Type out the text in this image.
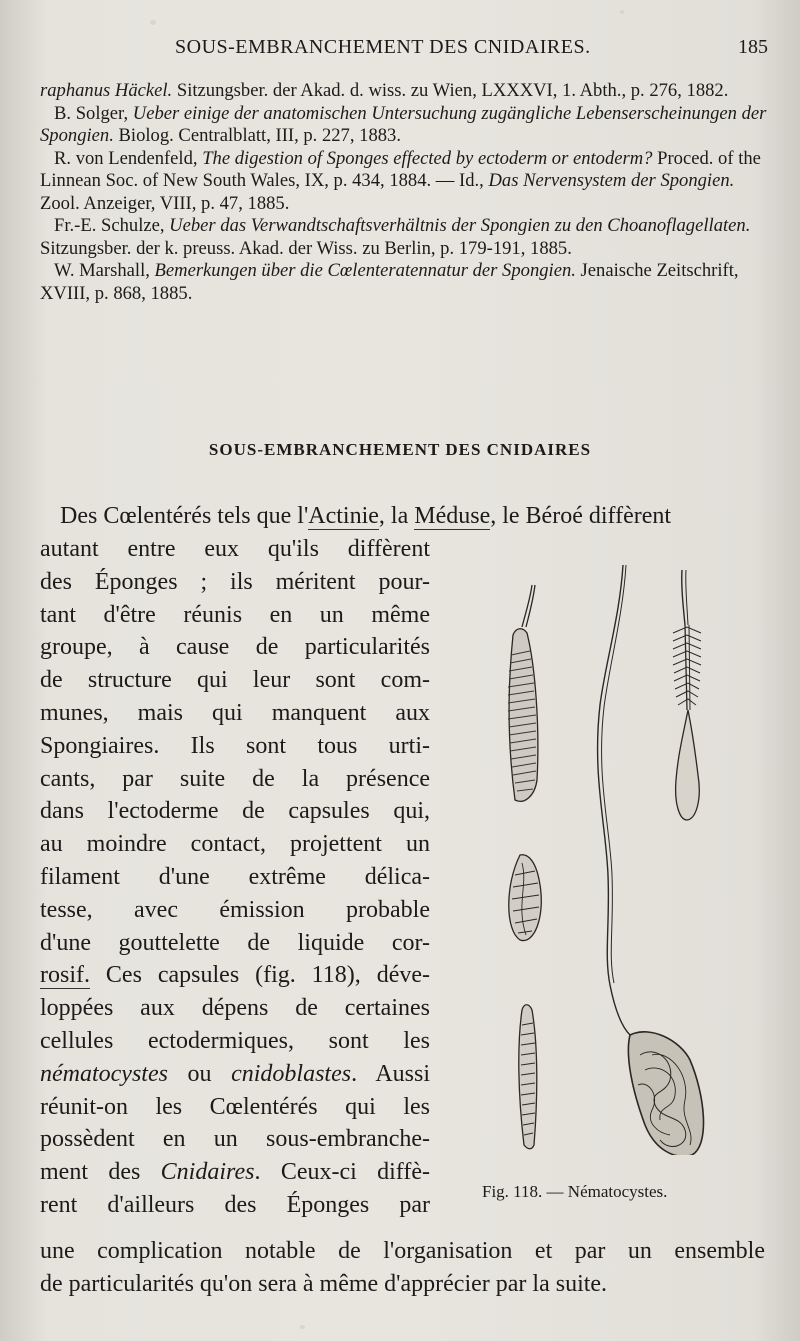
SOUS-EMBRANCHEMENT DES CNIDAIRES.	185

raphanus Häckel. Sitzungsber. der Akad. d. wiss. zu Wien, LXXXVI, 1. Abth., p. 276, 1882.

B. Solger, Ueber einige der anatomischen Untersuchung zugängliche Lebenserscheinungen der Spongien. Biolog. Centralblatt, III, p. 227, 1883.

R. von Lendenfeld, The digestion of Sponges effected by ectoderm or entoderm? Proced. of the Linnean Soc. of New South Wales, IX, p. 434, 1884. — Id., Das Nervensystem der Spongien. Zool. Anzeiger, VIII, p. 47, 1885.

Fr.-E. Schulze, Ueber das Verwandtschaftsverhältnis der Spongien zu den Choanoflagellaten. Sitzungsber. der k. preuss. Akad. der Wiss. zu Berlin, p. 179-191, 1885.

W. Marshall, Bemerkungen über die Cœlenteratennatur der Spongien. Jenaische Zeitschrift, XVIII, p. 868, 1885.

SOUS-EMBRANCHEMENT DES CNIDAIRES
Des Cœlentérés tels que l'Actinie, la Méduse, le Béroé diffèrent
autant entre eux qu'ils diffèrent
des Éponges ; ils méritent pour-
tant d'être réunis en un même
groupe, à cause de particularités
de structure qui leur sont com-
munes, mais qui manquent aux
Spongiaires. Ils sont tous urti-
cants, par suite de la présence
dans l'ectoderme de capsules qui,
au moindre contact, projettent un
filament d'une extrême délica-
tesse, avec émission probable
d'une gouttelette de liquide cor-
rosif. Ces capsules (fig. 118), déve-
loppées aux dépens de certaines
cellules ectodermiques, sont les
nématocystes ou cnidoblastes. Aussi
réunit-on les Cœlentérés qui les
possèdent en un sous-embranche-
ment des Cnidaires. Ceux-ci diffè-
rent d'ailleurs des Éponges par
une complication notable de l'organisation et par un ensemble
de particularités qu'on sera à même d'apprécier par la suite.
Fig. 118. — Nématocystes.
